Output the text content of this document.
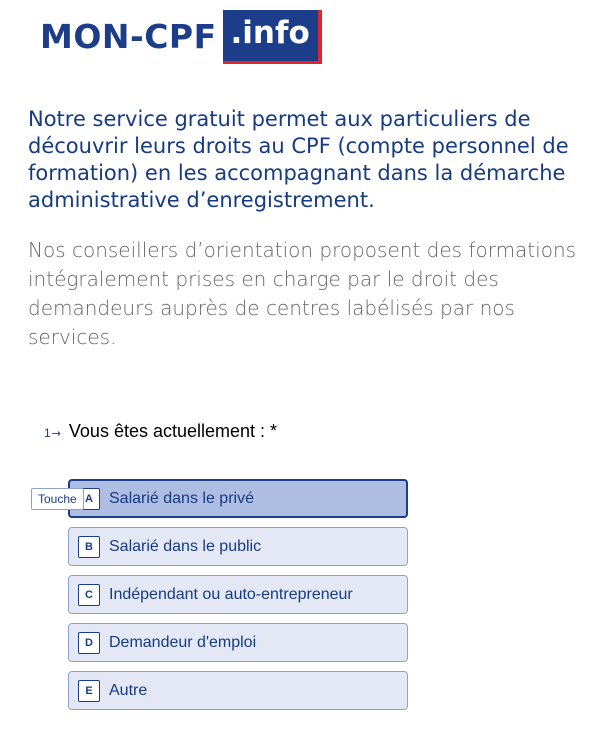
MON-CPF .info

Notre service gratuit permet aux particuliers de découvrir leurs droits au CPF (compte personnel de formation) en les accompagnant dans la démarche administrative d’enregistrement.

Nos conseillers d’orientation proposent des formations intégralement prises en charge par le droit des demandeurs auprès de centres labélisés par nos services.

1 → Vous êtes actuellement : *
A	Salarié dans le privé
B	Salarié dans le public
C	Indépendant ou auto-entrepreneur
D	Demandeur d'emploi
E	Autre
Touche
